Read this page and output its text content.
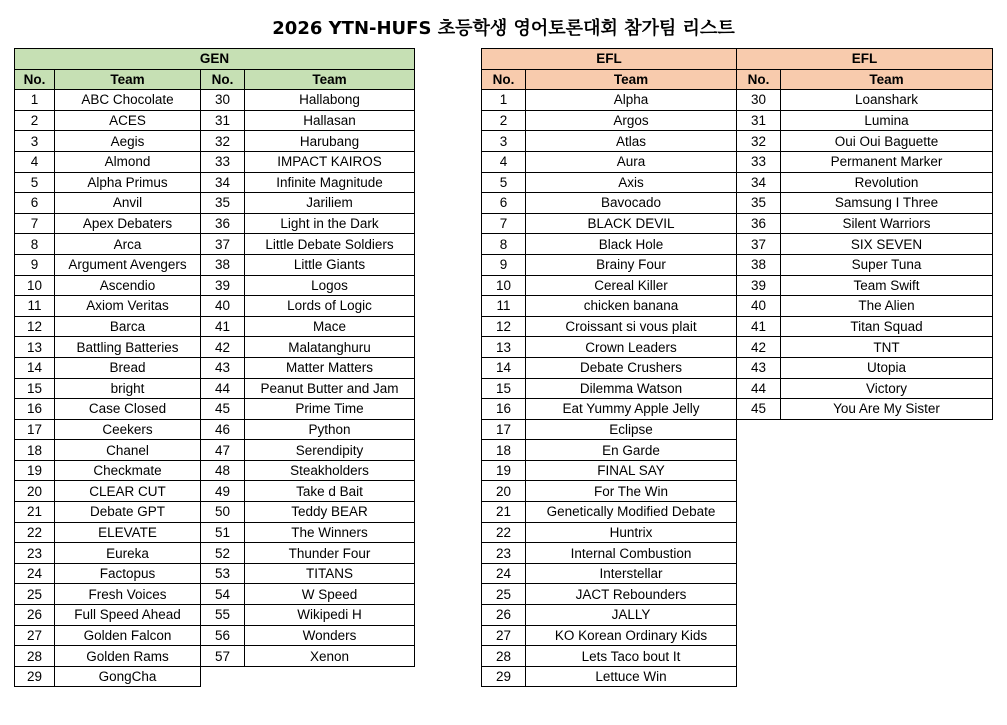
2026 YTN-HUFS 초등학생 영어토론대회 참가팀 리스트
GEN			
No.	Team	No.	Team
1	ABC Chocolate	30	Hallabong
2	ACES	31	Hallasan
3	Aegis	32	Harubang
4	Almond	33	IMPACT KAIROS
5	Alpha Primus	34	Infinite Magnitude
6	Anvil	35	Jariliem
7	Apex Debaters	36	Light in the Dark
8	Arca	37	Little Debate Soldiers
9	Argument Avengers	38	Little Giants
10	Ascendio	39	Logos
11	Axiom Veritas	40	Lords of Logic
12	Barca	41	Mace
13	Battling Batteries	42	Malatanghuru
14	Bread	43	Matter Matters
15	bright	44	Peanut Butter and Jam
16	Case Closed	45	Prime Time
17	Ceekers	46	Python
18	Chanel	47	Serendipity
19	Checkmate	48	Steakholders
20	CLEAR CUT	49	Take d Bait
21	Debate GPT	50	Teddy BEAR
22	ELEVATE	51	The Winners
23	Eureka	52	Thunder Four
24	Factopus	53	TITANS
25	Fresh Voices	54	W Speed
26	Full Speed Ahead	55	Wikipedi H
27	Golden Falcon	56	Wonders
28	Golden Rams	57	Xenon
29	GongCha		
EFL		EFL	
No.	Team	No.	Team
1	Alpha	30	Loanshark
2	Argos	31	Lumina
3	Atlas	32	Oui Oui Baguette
4	Aura	33	Permanent Marker
5	Axis	34	Revolution
6	Bavocado	35	Samsung I Three
7	BLACK DEVIL	36	Silent Warriors
8	Black Hole	37	SIX SEVEN
9	Brainy Four	38	Super Tuna
10	Cereal Killer	39	Team Swift
11	chicken banana	40	The Alien
12	Croissant si vous plait	41	Titan Squad
13	Crown Leaders	42	TNT
14	Debate Crushers	43	Utopia
15	Dilemma Watson	44	Victory
16	Eat Yummy Apple Jelly	45	You Are My Sister
17	Eclipse		
18	En Garde		
19	FINAL SAY		
20	For The Win		
21	Genetically Modified Debate		
22	Huntrix		
23	Internal Combustion		
24	Interstellar		
25	JACT Rebounders		
26	JALLY		
27	KO Korean Ordinary Kids		
28	Lets Taco bout It		
29	Lettuce Win		
